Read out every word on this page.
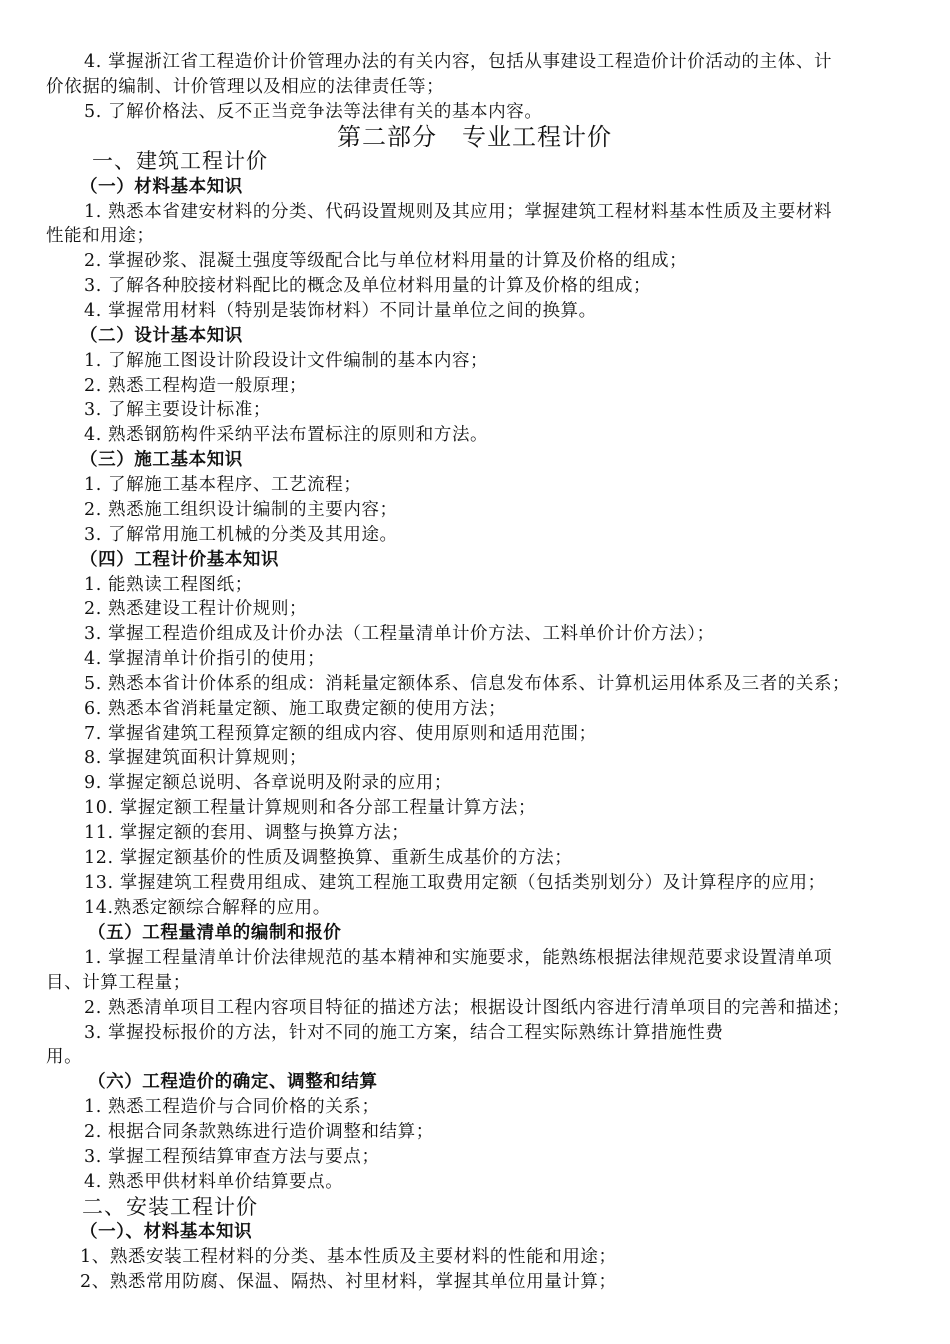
4. 掌握浙江省工程造价计价管理办法的有关内容，包括从事建设工程造价计价活动的主体、计
价依据的编制、计价管理以及相应的法律责任等；
5. 了解价格法、反不正当竞争法等法律有关的基本内容。
第二部分　专业工程计价
一、建筑工程计价
（一）材料基本知识
1. 熟悉本省建安材料的分类、代码设置规则及其应用；掌握建筑工程材料基本性质及主要材料
性能和用途；
2. 掌握砂浆、混凝土强度等级配合比与单位材料用量的计算及价格的组成；
3. 了解各种胶接材料配比的概念及单位材料用量的计算及价格的组成；
4. 掌握常用材料（特别是装饰材料）不同计量单位之间的换算。
（二）设计基本知识
1. 了解施工图设计阶段设计文件编制的基本内容；
2. 熟悉工程构造一般原理；
3. 了解主要设计标准；
4. 熟悉钢筋构件采纳平法布置标注的原则和方法。
（三）施工基本知识
1. 了解施工基本程序、工艺流程；
2. 熟悉施工组织设计编制的主要内容；
3. 了解常用施工机械的分类及其用途。
（四）工程计价基本知识
1. 能熟读工程图纸；
2. 熟悉建设工程计价规则；
3. 掌握工程造价组成及计价办法（工程量清单计价方法、工料单价计价方法）；
4. 掌握清单计价指引的使用；
5. 熟悉本省计价体系的组成：消耗量定额体系、信息发布体系、计算机运用体系及三者的关系；
6. 熟悉本省消耗量定额、施工取费定额的使用方法；
7. 掌握省建筑工程预算定额的组成内容、使用原则和适用范围；
8. 掌握建筑面积计算规则；
9. 掌握定额总说明、各章说明及附录的应用；
10. 掌握定额工程量计算规则和各分部工程量计算方法；
11. 掌握定额的套用、调整与换算方法；
12. 掌握定额基价的性质及调整换算、重新生成基价的方法；
13. 掌握建筑工程费用组成、建筑工程施工取费用定额（包括类别划分）及计算程序的应用；
14.熟悉定额综合解释的应用。
（五）工程量清单的编制和报价
1. 掌握工程量清单计价法律规范的基本精神和实施要求，能熟练根据法律规范要求设置清单项
目、计算工程量；
2. 熟悉清单项目工程内容项目特征的描述方法；根据设计图纸内容进行清单项目的完善和描述；
3. 掌握投标报价的方法，针对不同的施工方案，结合工程实际熟练计算措施性费
用。
（六）工程造价的确定、调整和结算
1. 熟悉工程造价与合同价格的关系；
2. 根据合同条款熟练进行造价调整和结算；
3. 掌握工程预结算审查方法与要点；
4. 熟悉甲供材料单价结算要点。
二、安装工程计价
（一）、材料基本知识
1、熟悉安装工程材料的分类、基本性质及主要材料的性能和用途；
2、熟悉常用防腐、保温、隔热、衬里材料，掌握其单位用量计算；
